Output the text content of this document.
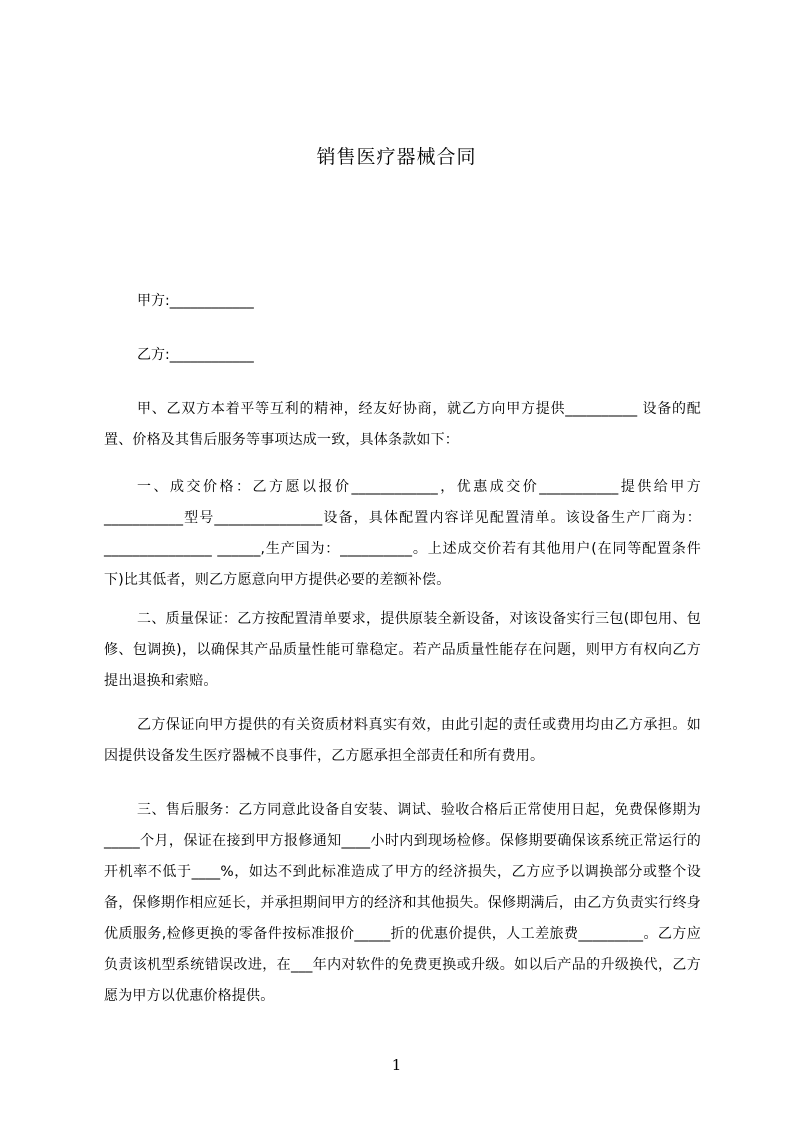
销售医疗器械合同
甲方:____________
乙方:____________

甲、乙双方本着平等互利的精神，经友好协商，就乙方向甲方提供__________ 设备的配置、价格及其售后服务等事项达成一致，具体条款如下：

一、成交价格：乙方愿以报价____________，优惠成交价___________提供给甲方___________型号_______________设备，具体配置内容详见配置清单。该设备生产厂商为：_______________ ______,生产国为：__________。上述成交价若有其他用户(在同等配置条件下)比其低者，则乙方愿意向甲方提供必要的差额补偿。

二、质量保证：乙方按配置清单要求，提供原装全新设备，对该设备实行三包(即包用、包修、包调换)，以确保其产品质量性能可靠稳定。若产品质量性能存在问题，则甲方有权向乙方提出退换和索赔。

乙方保证向甲方提供的有关资质材料真实有效，由此引起的责任或费用均由乙方承担。如因提供设备发生医疗器械不良事件，乙方愿承担全部责任和所有费用。

三、售后服务：乙方同意此设备自安装、调试、验收合格后正常使用日起，免费保修期为_____个月，保证在接到甲方报修通知____小时内到现场检修。保修期要确保该系统正常运行的开机率不低于____%，如达不到此标准造成了甲方的经济损失，乙方应予以调换部分或整个设备，保修期作相应延长，并承担期间甲方的经济和其他损失。保修期满后，由乙方负责实行终身优质服务,检修更换的零备件按标准报价_____折的优惠价提供，人工差旅费_________。乙方应负责该机型系统错误改进，在___年内对软件的免费更换或升级。如以后产品的升级换代，乙方愿为甲方以优惠价格提供。

1
